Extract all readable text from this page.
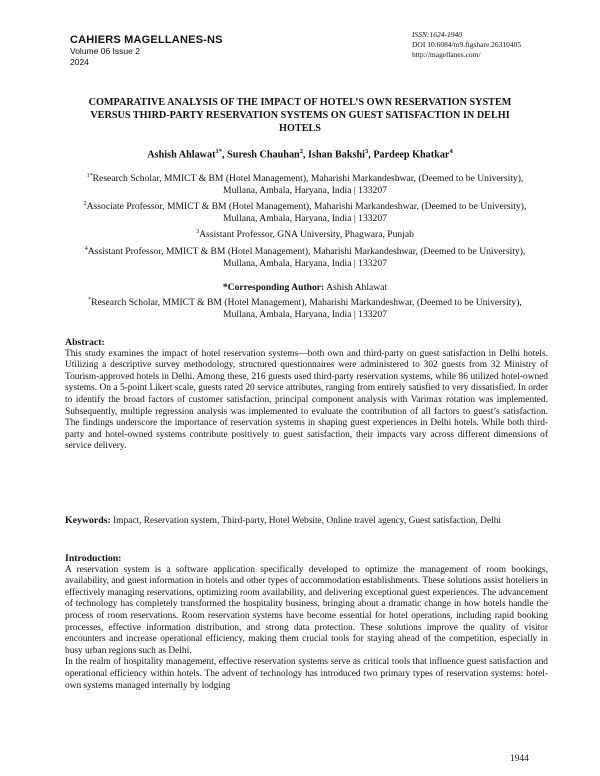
CAHIERS MAGELLANES-NS
Volume 06 Issue 2
2024
ISSN:1624-1940
DOI 10.6084/m9.figshare.26310405
http://magellanes.com/
COMPARATIVE ANALYSIS OF THE IMPACT OF HOTEL’S OWN RESERVATION SYSTEM VERSUS THIRD-PARTY RESERVATION SYSTEMS ON GUEST SATISFACTION IN DELHI HOTELS
Ashish Ahlawat$^{1*}$, Suresh Chauhan$^2$, Ishan Bakshi$^3$, Pardeep Khatkar$^4$
$^{1*}$Research Scholar, MMICT & BM (Hotel Management), Maharishi Markandeshwar, (Deemed to be University), Mullana, Ambala, Haryana, India | 133207
$^2$Associate Professor, MMICT & BM (Hotel Management), Maharishi Markandeshwar, (Deemed to be University), Mullana, Ambala, Haryana, India | 133207
$^3$Assistant Professor, GNA University, Phagwara, Punjab
$^4$Assistant Professor, MMICT & BM (Hotel Management), Maharishi Markandeshwar, (Deemed to be University), Mullana, Ambala, Haryana, India | 133207
*Corresponding Author: Ashish Ahlawat
*Research Scholar, MMICT & BM (Hotel Management), Maharishi Markandeshwar, (Deemed to be University), Mullana, Ambala, Haryana, India | 133207
Abstract:
This study examines the impact of hotel reservation systems—both own and third-party on guest satisfaction in Delhi hotels. Utilizing a descriptive survey methodology, structured questionnaires were administered to 302 guests from 32 Ministry of Tourism-approved hotels in Delhi. Among these, 216 guests used third-party reservation systems, while 86 utilized hotel-owned systems. On a 5-point Likert scale, guests rated 20 service attributes, ranging from entirely satisfied to very dissatisfied. In order to identify the broad factors of customer satisfaction, principal component analysis with Varimax rotation was implemented. Subsequently, multiple regression analysis was implemented to evaluate the contribution of all factors to guest’s satisfaction. The findings underscore the importance of reservation systems in shaping guest experiences in Delhi hotels. While both third-party and hotel-owned systems contribute positively to guest satisfaction, their impacts vary across different dimensions of service delivery.
Keywords: Impact, Reservation system, Third-party, Hotel Website, Online travel agency, Guest satisfaction, Delhi
Introduction:

A reservation system is a software application specifically developed to optimize the management of room bookings, availability, and guest information in hotels and other types of accommodation establishments. These solutions assist hoteliers in effectively managing reservations, optimizing room availability, and delivering exceptional guest experiences. The advancement of technology has completely transformed the hospitality business, bringing about a dramatic change in how hotels handle the process of room reservations. Room reservation systems have become essential for hotel operations, including rapid booking processes, effective information distribution, and strong data protection. These solutions improve the quality of visitor encounters and increase operational efficiency, making them crucial tools for staying ahead of the competition, especially in busy urban regions such as Delhi.

In the realm of hospitality management, effective reservation systems serve as critical tools that influence guest satisfaction and operational efficiency within hotels. The advent of technology has introduced two primary types of reservation systems: hotel-own systems managed internally by lodging

1944
